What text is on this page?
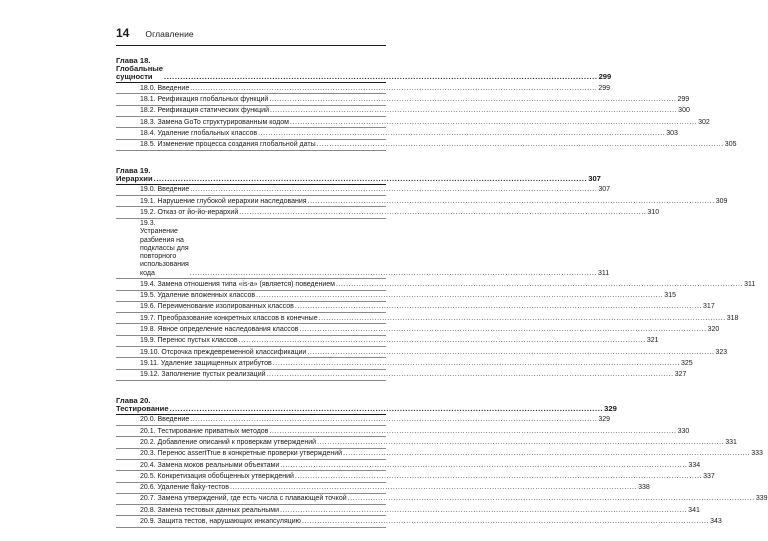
14 Оглавление
Глава 18. Глобальные сущности .....	299
18.0. Введение .....	299
18.1. Реификация глобальных функций .....	299
18.2. Реификация статических функций .....	300
18.3. Замена GoTo структурированным кодом .....	302
18.4. Удаление глобальных классов .....	303
18.5. Изменение процесса создания глобальной даты .....	305
Глава 19. Иерархии .....	307
19.0. Введение .....	307
19.1. Нарушение глубокой иерархии наследования .....	309
19.2. Отказ от йо-йо-иерархий .....	310
19.3. Устранение разбиения на подклассы для повторного
использования кода .....	311
19.4. Замена отношения типа «is-a» (является) поведением .....	311
19.5. Удаление вложенных классов .....	315
19.6. Переименование изолированных классов .....	317
19.7. Преобразование конкретных классов в конечные .....	318
19.8. Явное определение наследования классов .....	320
19.9. Перенос пустых классов .....	321
19.10. Отсрочка преждевременной классификации .....	323
19.11. Удаление защищенных атрибутов .....	325
19.12. Заполнение пустых реализаций .....	327
Глава 20. Тестирование .....	329
20.0. Введение .....	329
20.1. Тестирование приватных методов .....	330
20.2. Добавление описаний к проверкам утверждений .....	331
20.3. Перенос assertTrue в конкретные проверки утверждений .....	333
20.4. Замена моков реальными объектами .....	334
20.5. Конкретизация обобщенных утверждений .....	337
20.6. Удаление flaky-тестов .....	338
20.7. Замена утверждений, где есть числа с плавающей точкой .....	339
20.8. Замена тестовых данных реальными .....	341
20.9. Защита тестов, нарушающих инкапсуляцию .....	343
